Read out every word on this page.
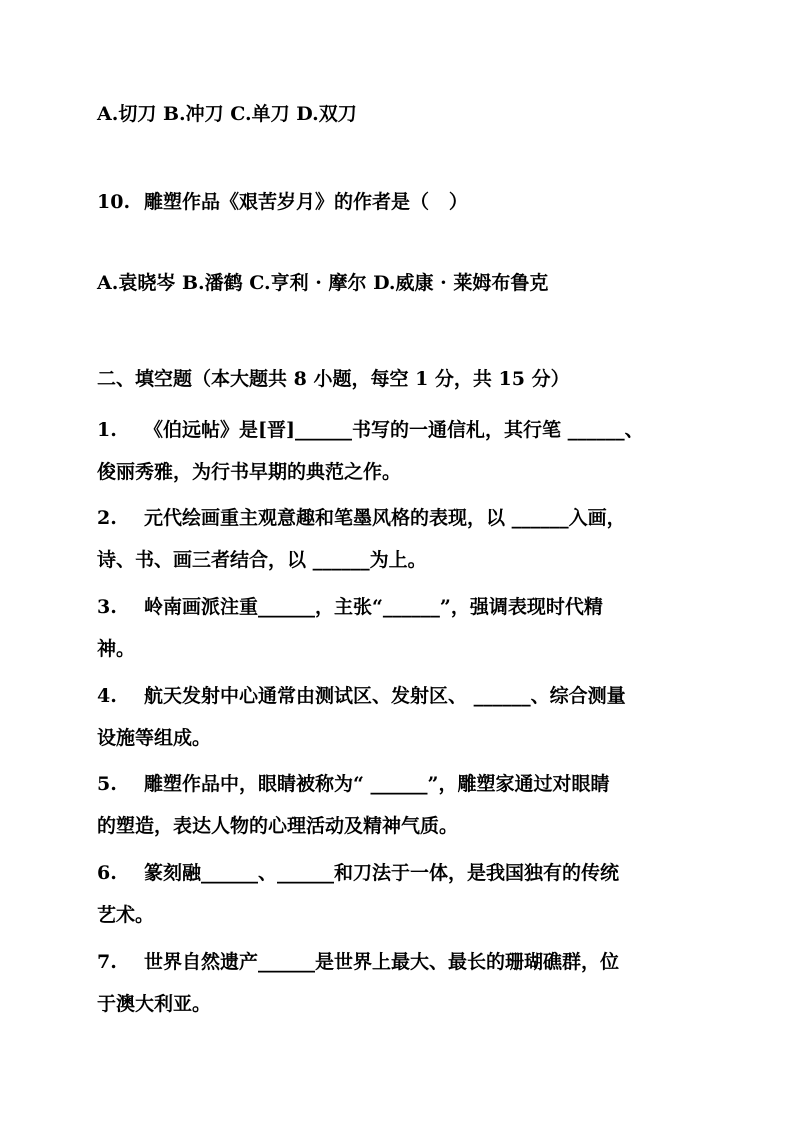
A.切刀 B.冲刀 C.单刀 D.双刀
10. 雕塑作品《艰苦岁月》的作者是（   ）
A.袁晓岑 B.潘鹤 C.亨利 · 摩尔 D.威康 · 莱姆布鲁克
二、填空题（本大题共 8 小题，每空 1 分，共 15 分）
1. 《伯远帖》是[晋]______书写的一通信札，其行笔 ______、
俊丽秀雅，为行书早期的典范之作。
2. 元代绘画重主观意趣和笔墨风格的表现，以 ______入画，
诗、书、画三者结合，以 ______为上。
3. 岭南画派注重______，主张“______”，强调表现时代精
神。
4. 航天发射中心通常由测试区、发射区、 ______、综合测量
设施等组成。
5. 雕塑作品中，眼睛被称为“ ______”，雕塑家通过对眼睛
的塑造，表达人物的心理活动及精神气质。
6. 篆刻融______、______和刀法于一体，是我国独有的传统
艺术。
7. 世界自然遗产______是世界上最大、最长的珊瑚礁群，位
于澳大利亚。
